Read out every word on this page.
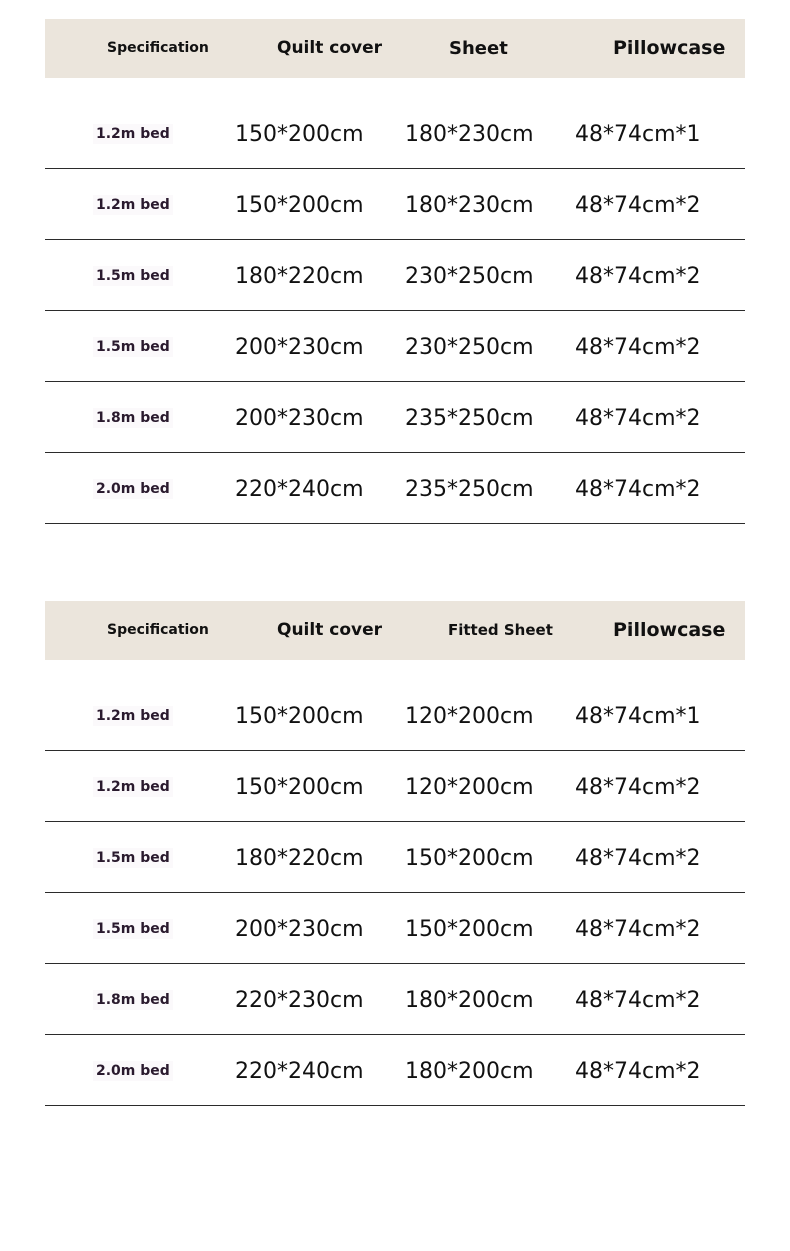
Specification	Quilt cover	Sheet	Pillowcase
1.2m bed	150*200cm 180*230cm 48*74cm*1
1.2m bed	150*200cm 180*230cm 48*74cm*2
1.5m bed	180*220cm 230*250cm 48*74cm*2
1.5m bed	200*230cm 230*250cm 48*74cm*2
1.8m bed	200*230cm 235*250cm 48*74cm*2
2.0m bed	220*240cm 235*250cm 48*74cm*2
Specification	Quilt cover	Fitted Sheet	Pillowcase
1.2m bed	150*200cm 120*200cm 48*74cm*1
1.2m bed	150*200cm 120*200cm 48*74cm*2
1.5m bed	180*220cm 150*200cm 48*74cm*2
1.5m bed	200*230cm 150*200cm 48*74cm*2
1.8m bed	220*230cm 180*200cm 48*74cm*2
2.0m bed	220*240cm 180*200cm 48*74cm*2
